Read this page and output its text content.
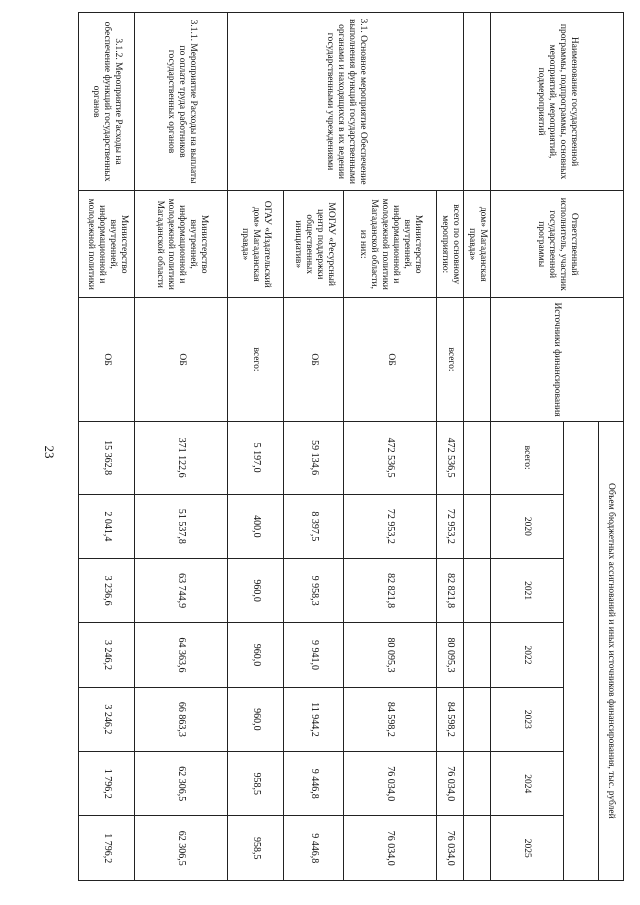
23
Наименование государственной программы, подпрограммы, основных мероприятий, мероприятий, подмероприятий	Ответственный исполнитель, участник государственной программы	Источники финансирования	Объем бюджетных ассигнований и иных источников финансирования, тыс. рублей						

			всего:	2020	2021	2022	2023	2024	2025
	дом» Магаданская правда»								
3.1. Основное мероприятие Обеспечение выполнения функций государственными органами и находящихся в их ведении государственными учреждениями	всего по основному мероприятию:	всего:	472 536,5	72 953,2	82 821,8	80 095,3	84 598,2	76 034,0	76 034,0
	Министерство внутренней, информационной и молодежной политики Магаданской области, из них:	ОБ	472 536,5	72 953,2	82 821,8	80 095,3	84 598,2	76 034,0	76 034,0
	МОГАУ «Ресурсный центр поддержки общественных инициатив»	ОБ	59 134,6	8 397,5	9 958,3	9 941,0	11 944,2	9 446,8	9 446,8
	ОГАУ «Издательский дом» Магаданская правда»	всего:	5 197,0	400,0	960,0	960,0	960,0	958,5	958,5
3.1.1. Мероприятие Расходы на выплаты по оплате труда работников государственных органов	Министерство внутренней, информационной и молодежной политики Магаданской области	ОБ	371 122,6	51 537,8	63 744,9	64 363,6	66 863,3	62 306,5	62 306,5
3.1.2. Мероприятие Расходы на обеспечение функций государственных органов	Министерство внутренней, информационной и молодежной политики	ОБ	15 362,8	2 041,4	3 236,6	3 246,2	3 246,2	1 796,2	1 796,2
